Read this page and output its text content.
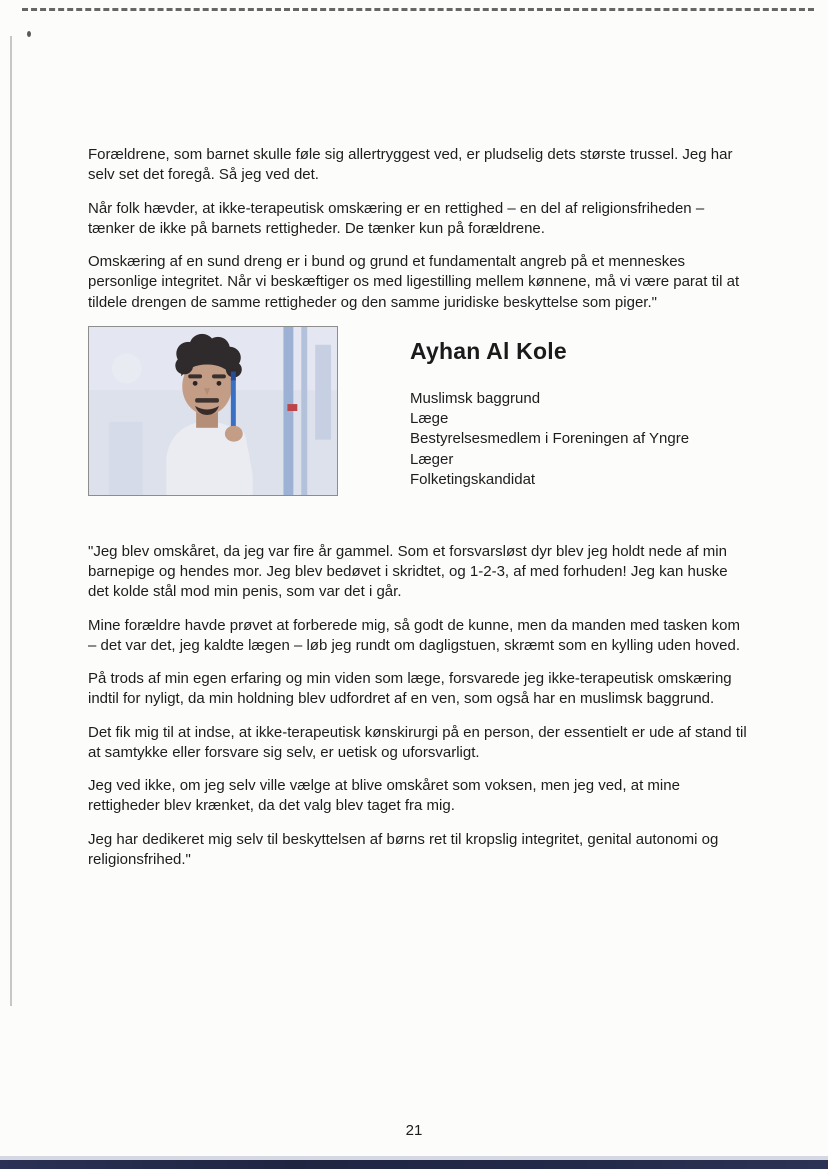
Forældrene, som barnet skulle føle sig allertryggest ved, er pludselig dets største trussel. Jeg har selv set det foregå. Så jeg ved det.

Når folk hævder, at ikke-terapeutisk omskæring er en rettighed – en del af religionsfriheden – tænker de ikke på barnets rettigheder. De tænker kun på forældrene.

Omskæring af en sund dreng er i bund og grund et fundamentalt angreb på et menneskes personlige integritet. Når vi beskæftiger os med ligestilling mellem kønnene, må vi være parat til at tildele drengen de samme rettigheder og den samme juridiske beskyttelse som piger."

Ayhan Al Kole
Muslimsk baggrund
Læge
Bestyrelsesmedlem i Foreningen af Yngre Læger
Folketingskandidat

"Jeg blev omskåret, da jeg var fire år gammel. Som et forsvarsløst dyr blev jeg holdt nede af min barnepige og hendes mor. Jeg blev bedøvet i skridtet, og 1-2-3, af med forhuden! Jeg kan huske det kolde stål mod min penis, som var det i går.

Mine forældre havde prøvet at forberede mig, så godt de kunne, men da manden med tasken kom – det var det, jeg kaldte lægen – løb jeg rundt om dagligstuen, skræmt som en kylling uden hoved.

På trods af min egen erfaring og min viden som læge, forsvarede jeg ikke-terapeutisk omskæring indtil for nyligt, da min holdning blev udfordret af en ven, som også har en muslimsk baggrund.

Det fik mig til at indse, at ikke-terapeutisk kønskirurgi på en person, der essentielt er ude af stand til at samtykke eller forsvare sig selv, er uetisk og uforsvarligt.

Jeg ved ikke, om jeg selv ville vælge at blive omskåret som voksen, men jeg ved, at mine rettigheder blev krænket, da det valg blev taget fra mig.

Jeg har dedikeret mig selv til beskyttelsen af børns ret til kropslig integritet, genital autonomi og religionsfrihed."

21
